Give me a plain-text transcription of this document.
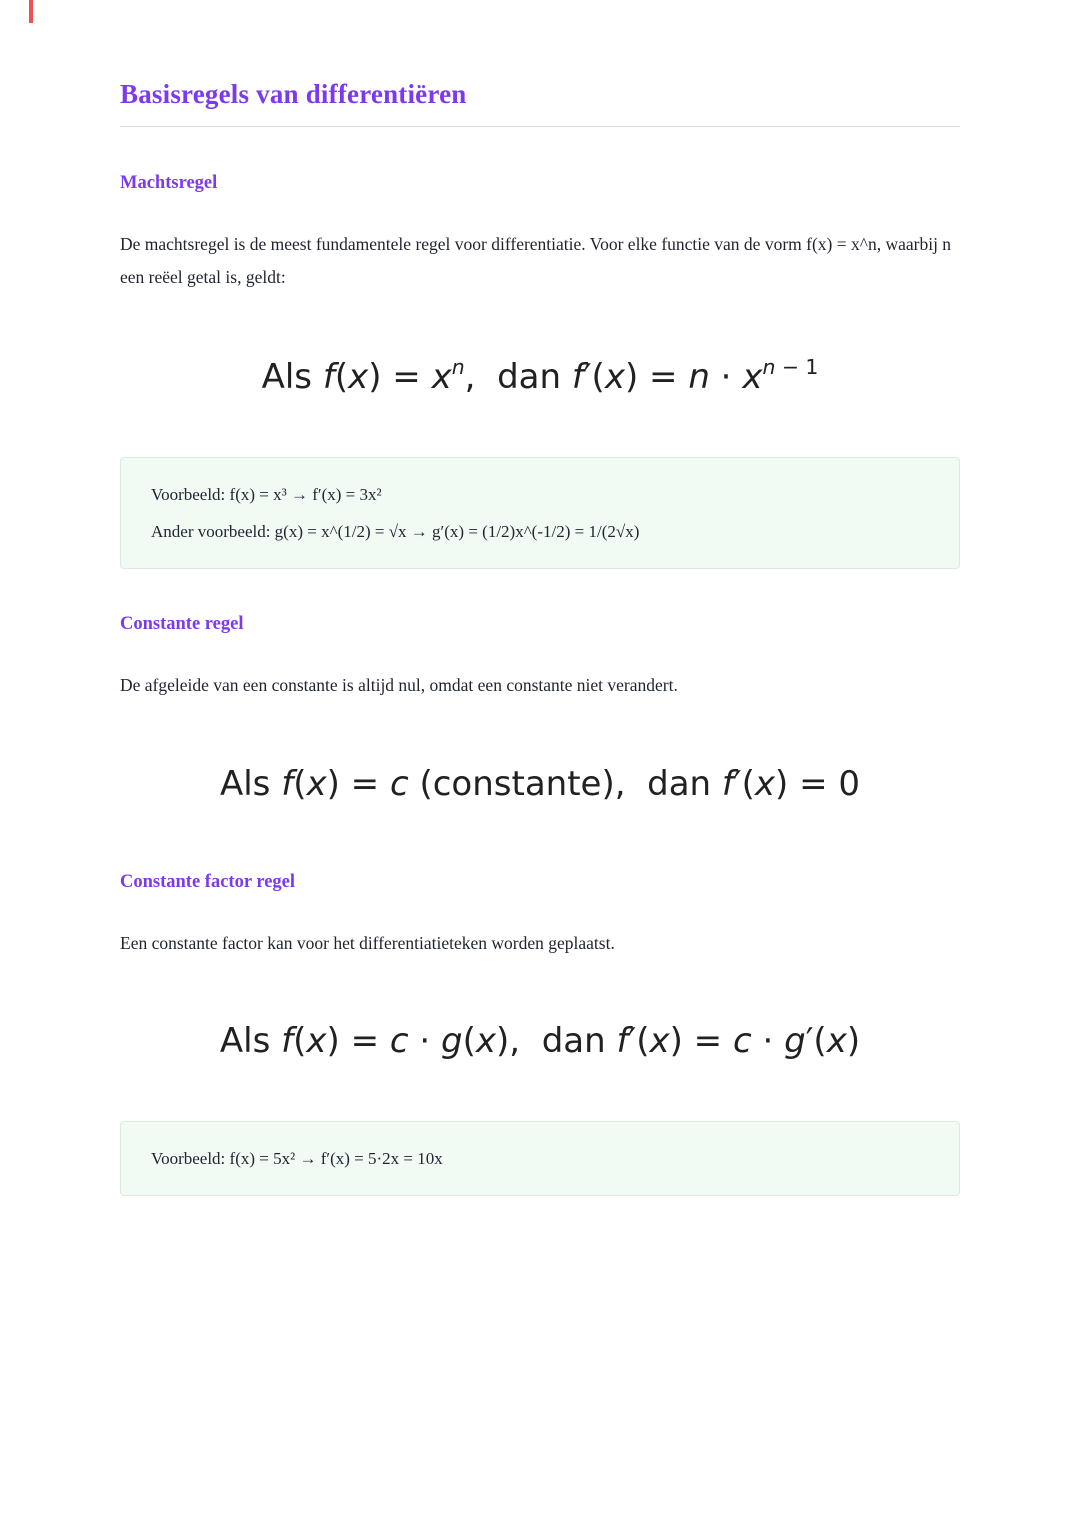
Basisregels van differentiëren
Machtsregel

De machtsregel is de meest fundamentele regel voor differentiatie. Voor elke functie van de vorm f(x) = x^n, waarbij n een reëel getal is, geldt:

Als $f(x) = x^n$,  dan $f'(x) = n \cdot x^n$ $^{- 1}$

Voorbeeld: f(x) = x³ → f′(x) = 3x²

Ander voorbeeld: g(x) = x^(1/2) = √x → g′(x) = (1/2)x^(-1/2) = 1/(2√x)

Constante regel

De afgeleide van een constante is altijd nul, omdat een constante niet verandert.

Als f(x) = c (constante),  dan f′(x) = 0
Constante factor regel

Een constante factor kan voor het differentiatieteken worden geplaatst.

Als f(x) = c · g(x),  dan f′(x) = c · g′(x)

Voorbeeld: f(x) = 5x² → f′(x) = 5·2x = 10x
